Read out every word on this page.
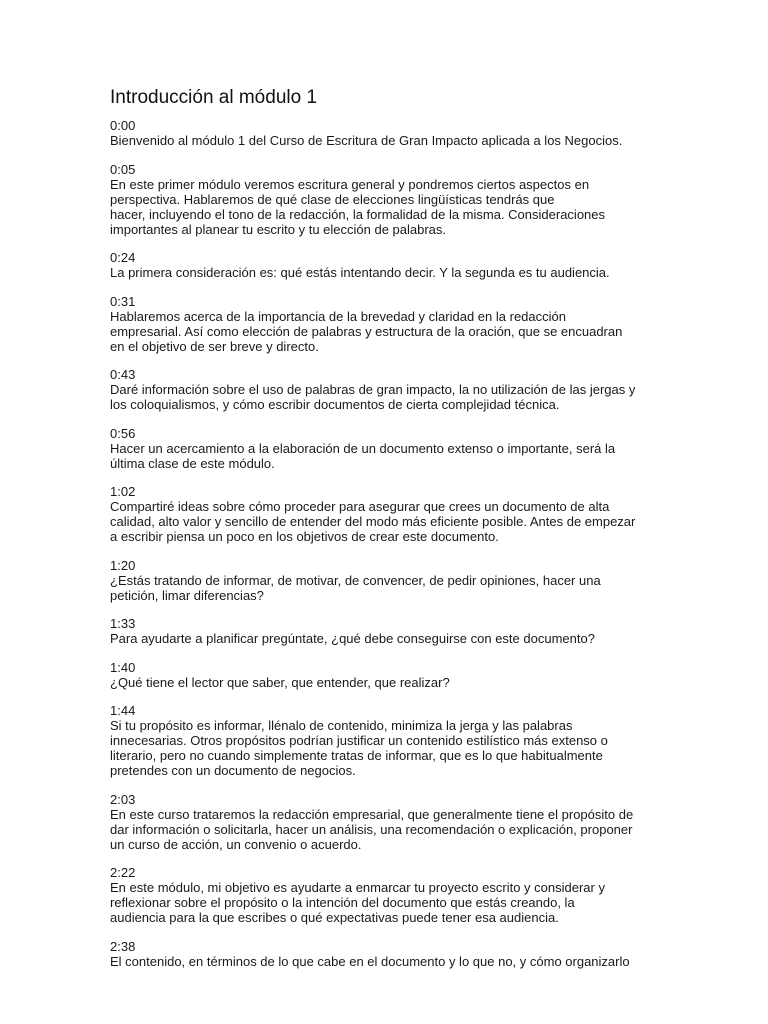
Introducción al módulo 1
0:00
Bienvenido al módulo 1 del Curso de Escritura de Gran Impacto aplicada a los Negocios.
0:05
En este primer módulo veremos escritura general y pondremos ciertos aspectos en
perspectiva. Hablaremos de qué clase de elecciones lingüísticas tendrás que
hacer, incluyendo el tono de la redacción, la formalidad de la misma. Consideraciones
importantes al planear tu escrito y tu elección de palabras.
0:24
La primera consideración es: qué estás intentando decir. Y la segunda es tu audiencia.
0:31
Hablaremos acerca de la importancia de la brevedad y claridad en la redacción
empresarial. Así como elección de palabras y estructura de la oración, que se encuadran
en el objetivo de ser breve y directo.
0:43
Daré información sobre el uso de palabras de gran impacto, la no utilización de las jergas y
los coloquialismos, y cómo escribir documentos de cierta complejidad técnica.
0:56
Hacer un acercamiento a la elaboración de un documento extenso o importante, será la
última clase de este módulo.
1:02
Compartiré ideas sobre cómo proceder para asegurar que crees un documento de alta
calidad, alto valor y sencillo de entender del modo más eficiente posible. Antes de empezar
a escribir piensa un poco en los objetivos de crear este documento.
1:20
¿Estás tratando de informar, de motivar, de convencer, de pedir opiniones, hacer una
petición, limar diferencias?
1:33
Para ayudarte a planificar pregúntate, ¿qué debe conseguirse con este documento?
1:40
¿Qué tiene el lector que saber, que entender, que realizar?
1:44
Si tu propósito es informar, llénalo de contenido, minimiza la jerga y las palabras
innecesarias. Otros propósitos podrían justificar un contenido estilístico más extenso o
literario, pero no cuando simplemente tratas de informar, que es lo que habitualmente
pretendes con un documento de negocios.
2:03
En este curso trataremos la redacción empresarial, que generalmente tiene el propósito de
dar información o solicitarla, hacer un análisis, una recomendación o explicación, proponer
un curso de acción, un convenio o acuerdo.
2:22
En este módulo, mi objetivo es ayudarte a enmarcar tu proyecto escrito y considerar y
reflexionar sobre el propósito o la intención del documento que estás creando, la
audiencia para la que escribes o qué expectativas puede tener esa audiencia.
2:38
El contenido, en términos de lo que cabe en el documento y lo que no, y cómo organizarlo
